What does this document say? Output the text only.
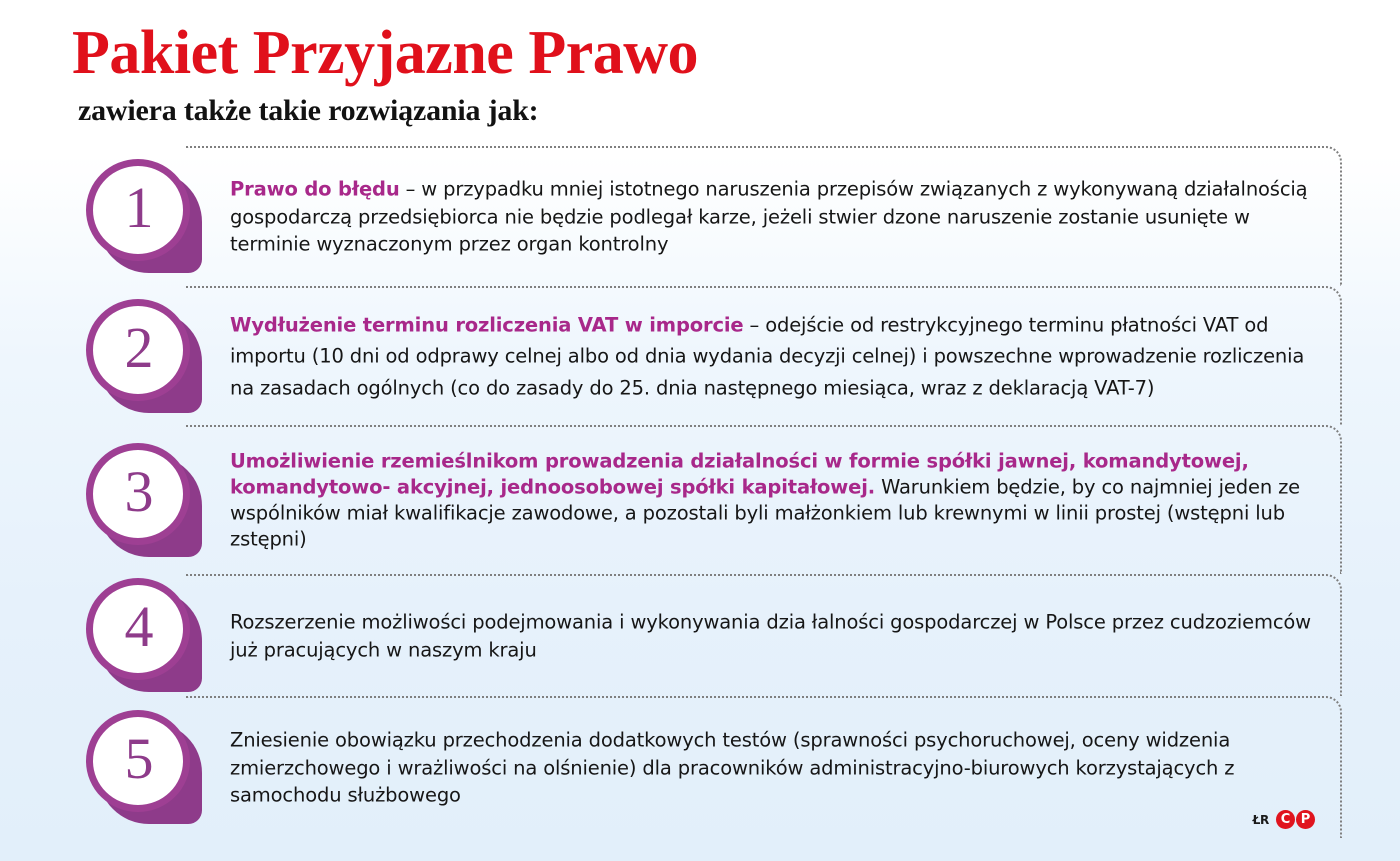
Pakiet Przyjazne Prawo
zawiera także takie rozwiązania jak:
1	Prawo do błędu – w przypadku mniej istotnego naruszenia przepisów związanych z wykonywaną działalnością gospodarczą przedsiębiorca nie będzie podlegał karze, jeżeli stwier dzone naruszenie zostanie usunięte w terminie wyznaczonym przez organ kontrolny
2	Wydłużenie terminu rozliczenia VAT w imporcie – odejście od restrykcyjnego terminu płatności VAT od importu (10 dni od odprawy celnej albo od dnia wydania decyzji celnej) i powszechne wprowadzenie rozliczenia na zasadach ogólnych (co do zasady do 25. dnia następnego miesiąca, wraz z deklaracją VAT-7)
3	Umożliwienie rzemieślnikom prowadzenia działalności w formie spółki jawnej, komandytowej, komandytowo- akcyjnej, jednoosobowej spółki kapitałowej. Warunkiem będzie, by co najmniej jeden ze wspólników miał kwalifikacje zawodowe, a pozostali byli małżonkiem lub krewnymi w linii prostej (wstępni lub zstępni)
4	Rozszerzenie możliwości podejmowania i wykonywania dzia łalności gospodarczej w Polsce przez cudzoziemców już pracujących w naszym kraju
5	Zniesienie obowiązku przechodzenia dodatkowych testów (sprawności psychoruchowej, oceny widzenia zmierzchowego i wrażliwości na olśnienie) dla pracowników administracyjno-biurowych korzystających z samochodu służbowego
ŁR C P
